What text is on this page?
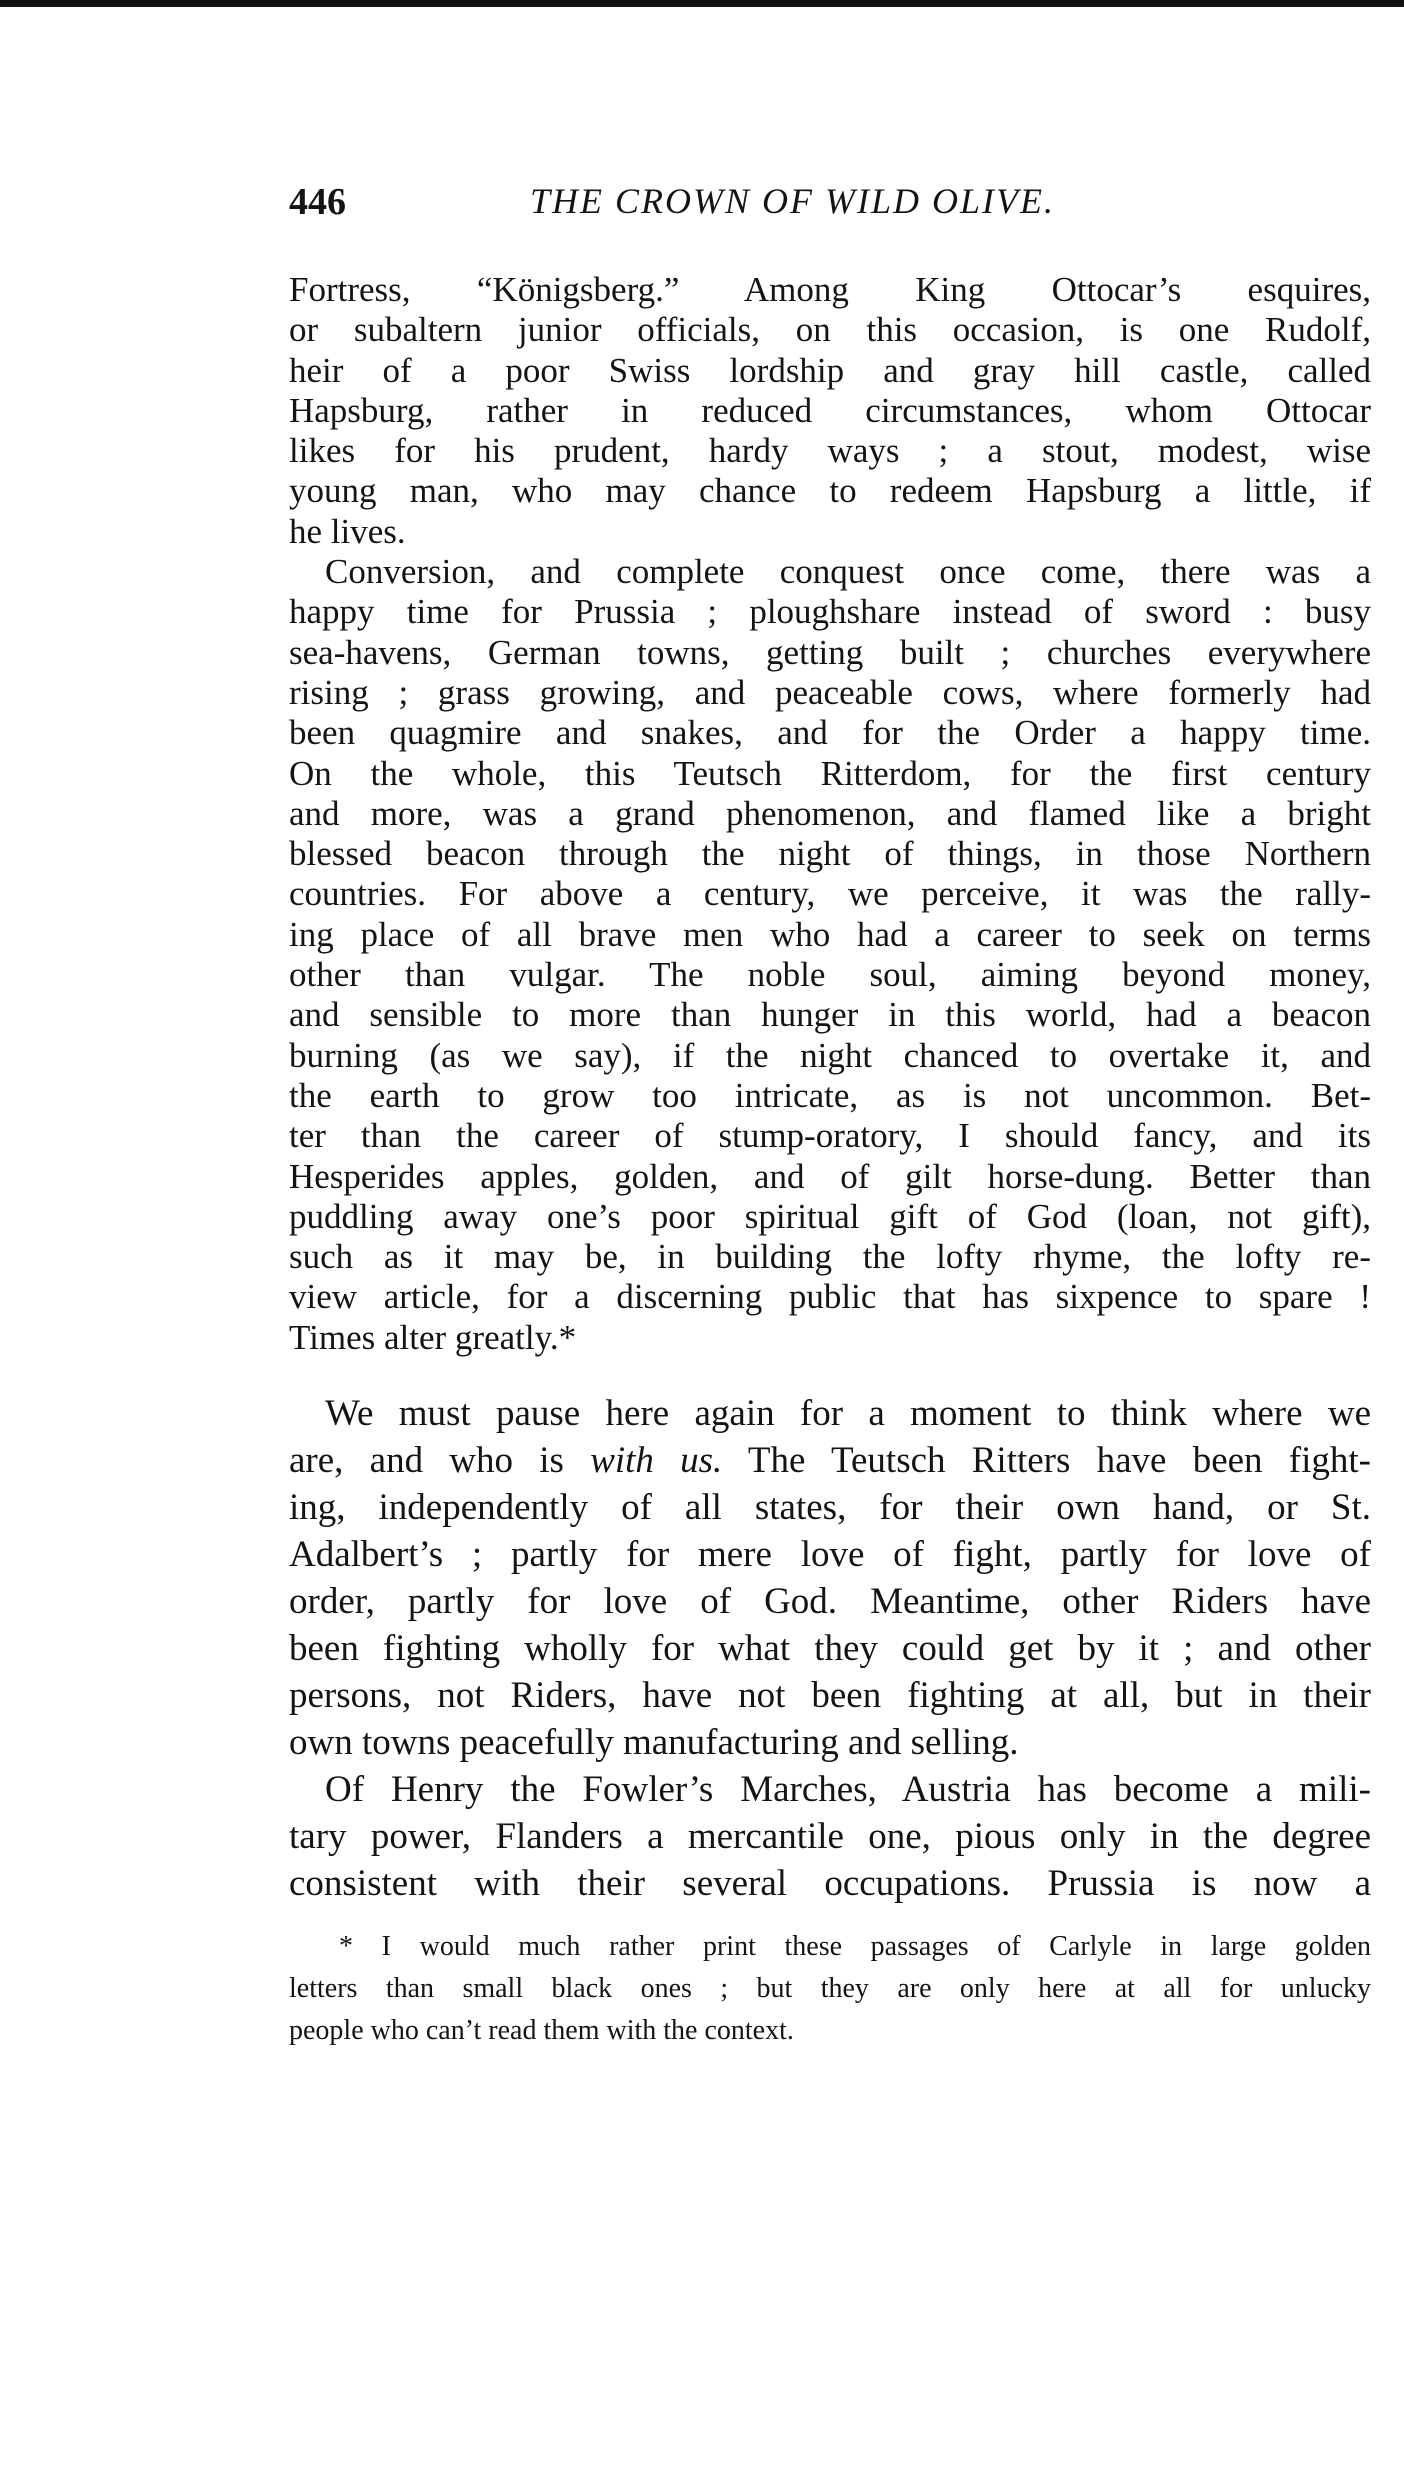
446	THE CROWN OF WILD OLIVE.
Fortress, “Königsberg.” Among King Ottocar’s esquires,
or subaltern junior officials, on this occasion, is one Rudolf,
heir of a poor Swiss lordship and gray hill castle, called
Hapsburg, rather in reduced circumstances, whom Ottocar
likes for his prudent, hardy ways ; a stout, modest, wise
young man, who may chance to redeem Hapsburg a little, if
he lives.
Conversion, and complete conquest once come, there was a
happy time for Prussia ; ploughshare instead of sword : busy
sea-havens, German towns, getting built ; churches everywhere
rising ; grass growing, and peaceable cows, where formerly had
been quagmire and snakes, and for the Order a happy time.
On the whole, this Teutsch Ritterdom, for the first century
and more, was a grand phenomenon, and flamed like a bright
blessed beacon through the night of things, in those Northern
countries. For above a century, we perceive, it was the rally-
ing place of all brave men who had a career to seek on terms
other than vulgar. The noble soul, aiming beyond money,
and sensible to more than hunger in this world, had a beacon
burning (as we say), if the night chanced to overtake it, and
the earth to grow too intricate, as is not uncommon. Bet-
ter than the career of stump-oratory, I should fancy, and its
Hesperides apples, golden, and of gilt horse-dung. Better than
puddling away one’s poor spiritual gift of God (loan, not gift),
such as it may be, in building the lofty rhyme, the lofty re-
view article, for a discerning public that has sixpence to spare !
Times alter greatly.*
We must pause here again for a moment to think where we
are, and who is with us. The Teutsch Ritters have been fight-
ing, independently of all states, for their own hand, or St.
Adalbert’s ; partly for mere love of fight, partly for love of
order, partly for love of God. Meantime, other Riders have
been fighting wholly for what they could get by it ; and other
persons, not Riders, have not been fighting at all, but in their
own towns peacefully manufacturing and selling.
Of Henry the Fowler’s Marches, Austria has become a mili-
tary power, Flanders a mercantile one, pious only in the degree
consistent with their several occupations. Prussia is now a
* I would much rather print these passages of Carlyle in large golden
letters than small black ones ; but they are only here at all for unlucky
people who can’t read them with the context.
